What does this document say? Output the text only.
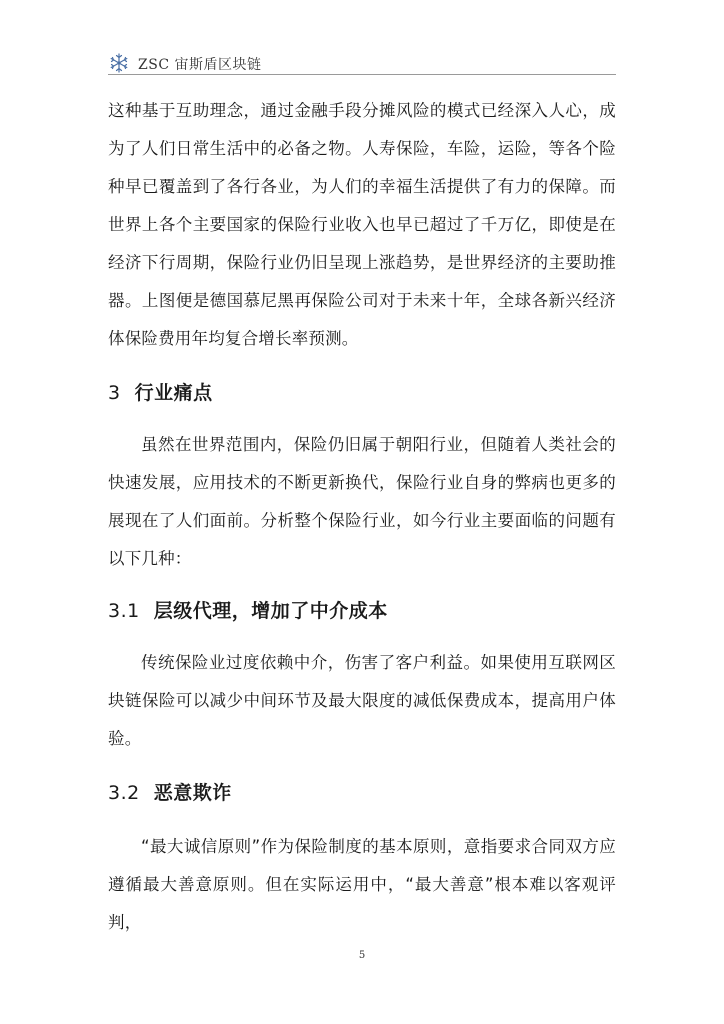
ZSC 宙斯盾区块链

这种基于互助理念，通过金融手段分摊风险的模式已经深入人心，成为了人们日常生活中的必备之物。人寿保险，车险，运险，等各个险种早已覆盖到了各行各业，为人们的幸福生活提供了有力的保障。而世界上各个主要国家的保险行业收入也早已超过了千万亿，即使是在经济下行周期，保险行业仍旧呈现上涨趋势，是世界经济的主要助推器。上图便是德国慕尼黑再保险公司对于未来十年，全球各新兴经济体保险费用年均复合增长率预测。

3 行业痛点

虽然在世界范围内，保险仍旧属于朝阳行业，但随着人类社会的快速发展，应用技术的不断更新换代，保险行业自身的弊病也更多的展现在了人们面前。分析整个保险行业，如今行业主要面临的问题有以下几种：

3.1 层级代理，增加了中介成本

传统保险业过度依赖中介，伤害了客户利益。如果使用互联网区块链保险可以减少中间环节及最大限度的减低保费成本，提高用户体验。

3.2 恶意欺诈

“最大诚信原则”作为保险制度的基本原则，意指要求合同双方应遵循最大善意原则。但在实际运用中，“最大善意”根本难以客观评判，

5
